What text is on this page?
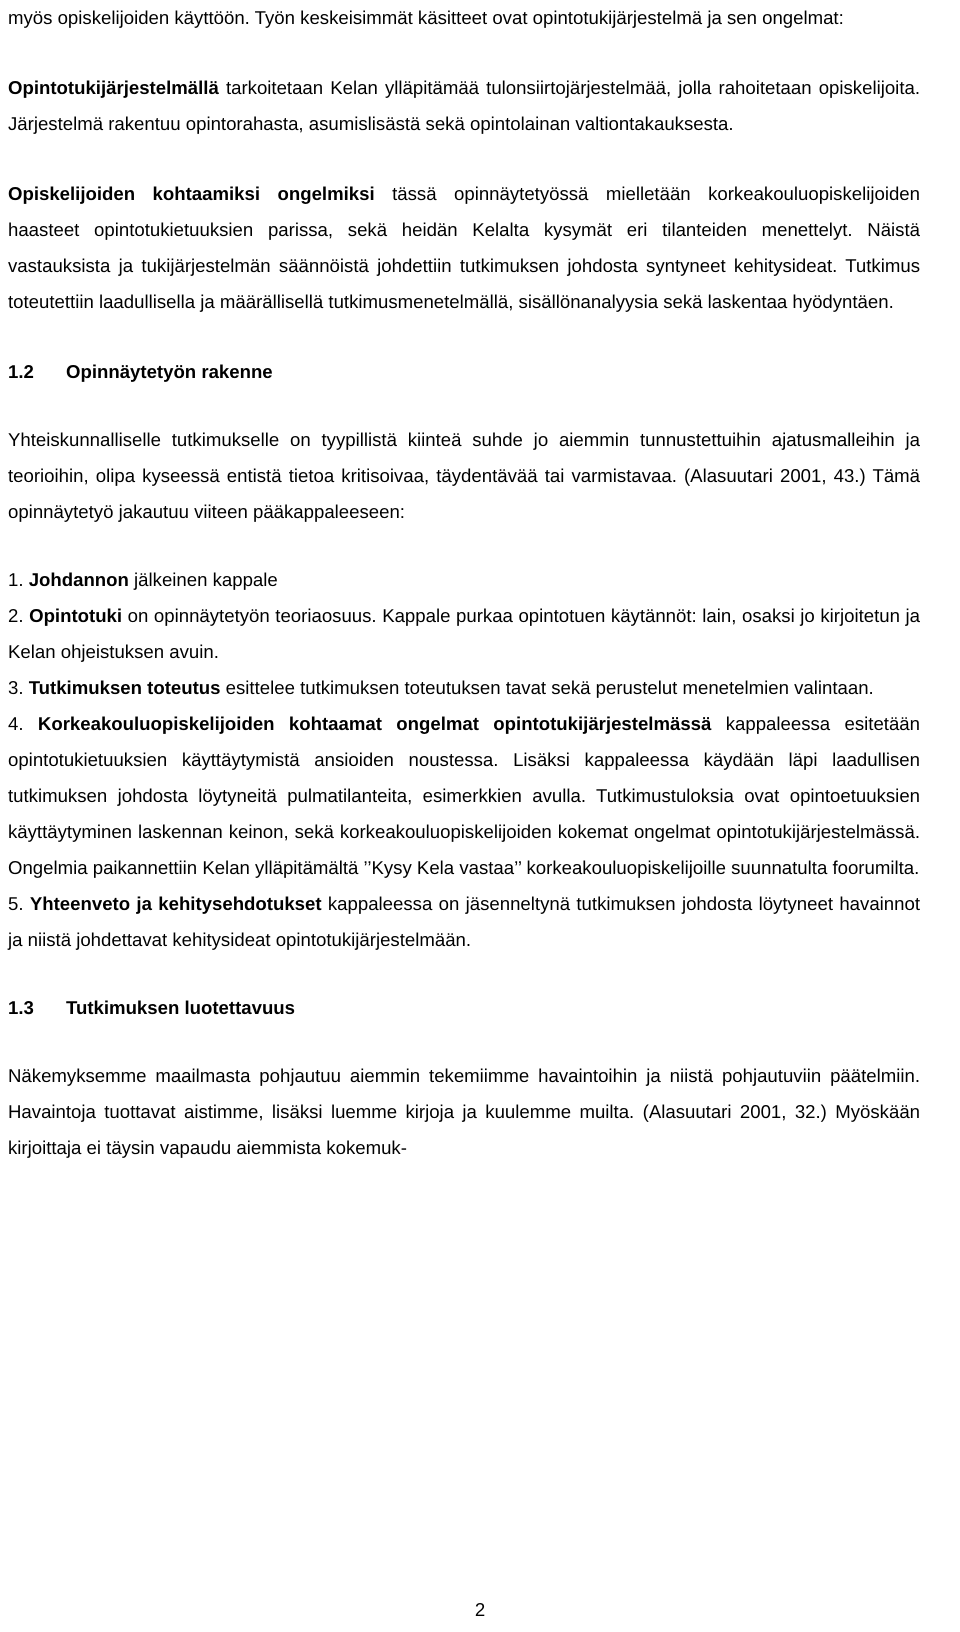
myös opiskelijoiden käyttöön. Työn keskeisimmät käsitteet ovat opintotukijärjestelmä ja sen ongelmat:

Opintotukijärjestelmällä tarkoitetaan Kelan ylläpitämää tulonsiirtojärjestelmää, jolla rahoitetaan opiskelijoita. Järjestelmä rakentuu opintorahasta, asumislisästä sekä opintolainan valtiontakauksesta.

Opiskelijoiden kohtaamiksi ongelmiksi tässä opinnäytetyössä mielletään korkeakouluopiskelijoiden haasteet opintotukietuuksien parissa, sekä heidän Kelalta kysymät eri tilanteiden menettelyt. Näistä vastauksista ja tukijärjestelmän säännöistä johdettiin tutkimuksen johdosta syntyneet kehitysideat. Tutkimus toteutettiin laadullisella ja määrällisellä tutkimusmenetelmällä, sisällönanalyysia sekä laskentaa hyödyntäen.

1.2 Opinnäytetyön rakenne

Yhteiskunnalliselle tutkimukselle on tyypillistä kiinteä suhde jo aiemmin tunnustettuihin ajatusmalleihin ja teorioihin, olipa kyseessä entistä tietoa kritisoivaa, täydentävää tai varmistavaa. (Alasuutari 2001, 43.) Tämä opinnäytetyö jakautuu viiteen pääkappaleeseen:

1. Johdannon jälkeinen kappale
2. Opintotuki on opinnäytetyön teoriaosuus. Kappale purkaa opintotuen käytännöt: lain, osaksi jo kirjoitetun ja Kelan ohjeistuksen avuin.
3. Tutkimuksen toteutus esittelee tutkimuksen toteutuksen tavat sekä perustelut menetelmien valintaan.
4. Korkeakouluopiskelijoiden kohtaamat ongelmat opintotukijärjestelmässä kappaleessa esitetään opintotukietuuksien käyttäytymistä ansioiden noustessa. Lisäksi kappaleessa käydään läpi laadullisen tutkimuksen johdosta löytyneitä pulmatilanteita, esimerkkien avulla. Tutkimustuloksia ovat opintoetuuksien käyttäytyminen laskennan keinon, sekä korkeakouluopiskelijoiden kokemat ongelmat opintotukijärjestelmässä. Ongelmia paikannettiin Kelan ylläpitämältä ’’Kysy Kela vastaa’’ korkeakouluopiskelijoille suunnatulta foorumilta.
5. Yhteenveto ja kehitysehdotukset kappaleessa on jäsenneltynä tutkimuksen johdosta löytyneet havainnot ja niistä johdettavat kehitysideat opintotukijärjestelmään.
1.3 Tutkimuksen luotettavuus

Näkemyksemme maailmasta pohjautuu aiemmin tekemiimme havaintoihin ja niistä pohjautuviin päätelmiin. Havaintoja tuottavat aistimme, lisäksi luemme kirjoja ja kuulemme muilta. (Alasuutari 2001, 32.) Myöskään kirjoittaja ei täysin vapaudu aiemmista kokemuk-

2
